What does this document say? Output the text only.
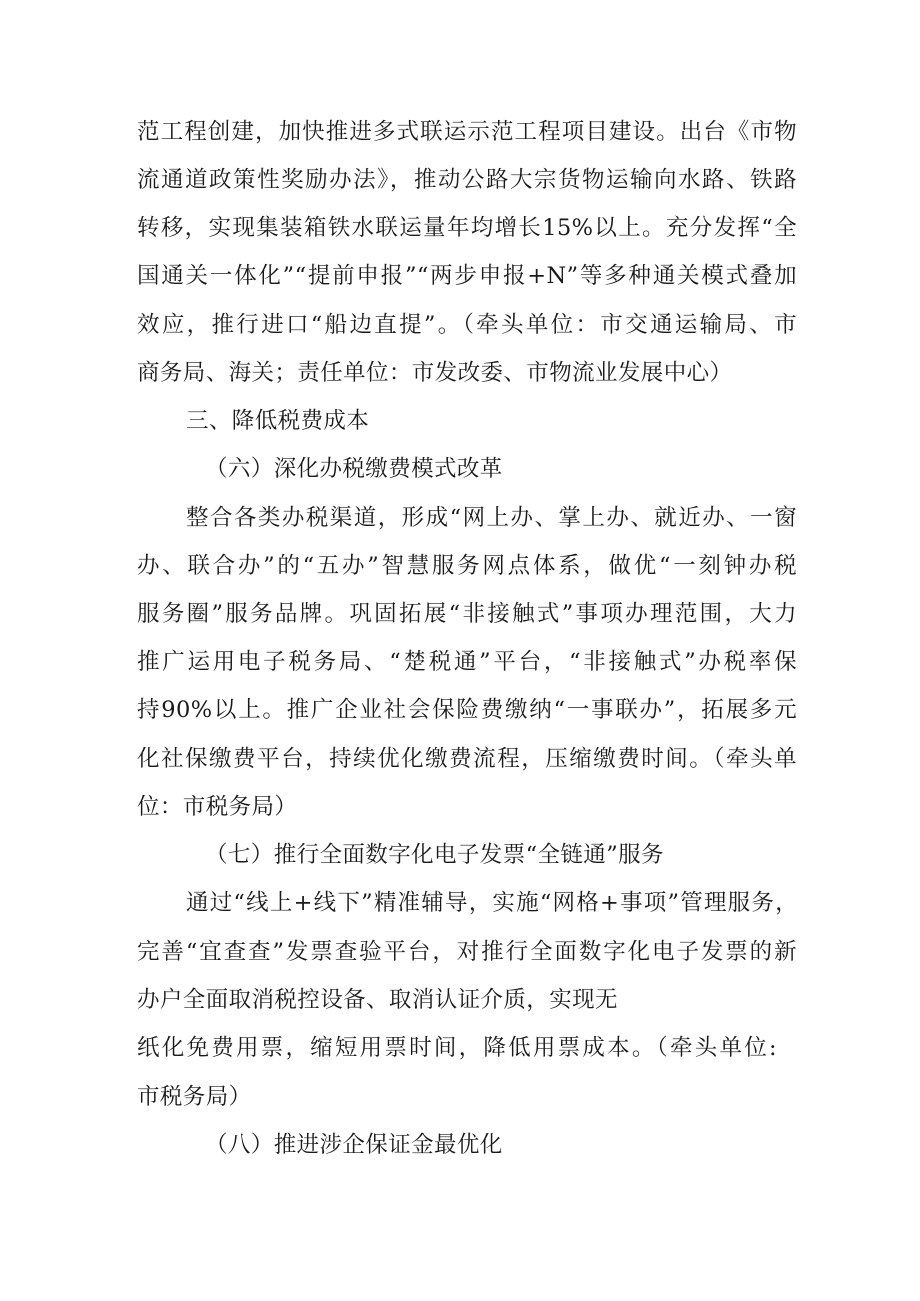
范工程创建，加快推进多式联运示范工程项目建设。出台《市物
流通道政策性奖励办法》，推动公路大宗货物运输向水路、铁路
转移，实现集装箱铁水联运量年均增长15%以上。充分发挥“全
国通关一体化”“提前申报”“两步申报+N”等多种通关模式叠加
效应，推行进口“船边直提”。（牵头单位：市交通运输局、市
商务局、海关；责任单位：市发改委、市物流业发展中心）
三、降低税费成本
（六）深化办税缴费模式改革
整合各类办税渠道，形成“网上办、掌上办、就近办、一窗
办、联合办”的“五办”智慧服务网点体系，做优“一刻钟办税
服务圈”服务品牌。巩固拓展“非接触式”事项办理范围，大力
推广运用电子税务局、“楚税通”平台，“非接触式”办税率保
持90%以上。推广企业社会保险费缴纳“一事联办”，拓展多元
化社保缴费平台，持续优化缴费流程，压缩缴费时间。（牵头单
位：市税务局）
（七）推行全面数字化电子发票“全链通”服务
通过“线上+线下”精准辅导，实施“网格+事项”管理服务，
完善“宜查查”发票查验平台，对推行全面数字化电子发票的新
办户全面取消税控设备、取消认证介质，实现无
纸化免费用票，缩短用票时间，降低用票成本。（牵头单位:
市税务局）
（八）推进涉企保证金最优化
